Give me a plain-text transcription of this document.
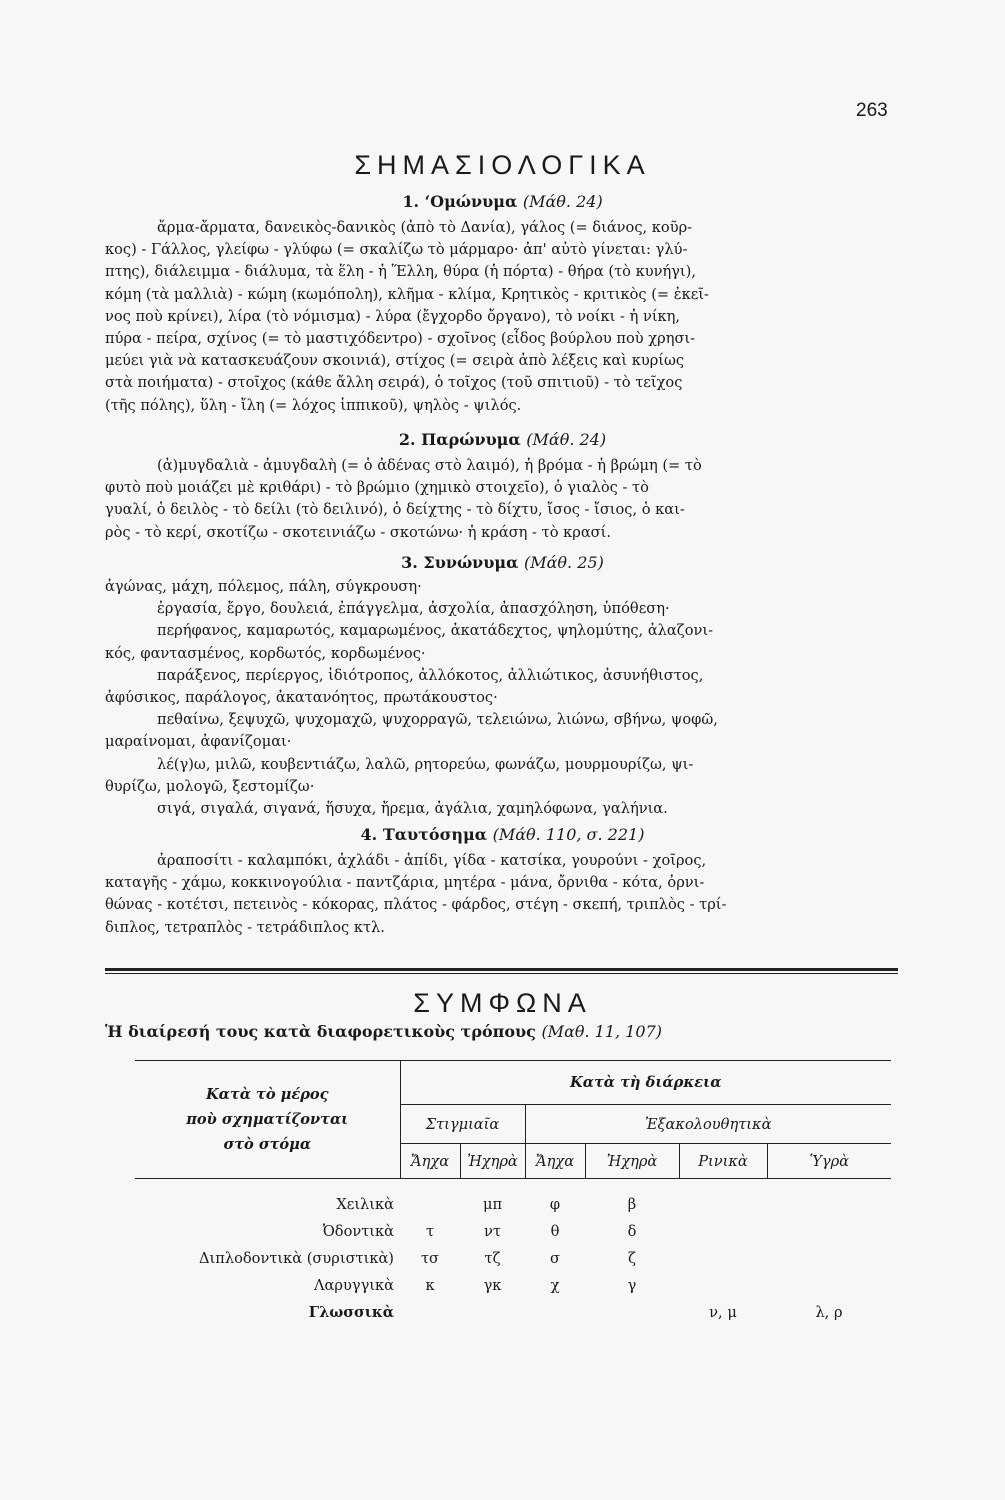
263
ΣΗΜΑΣΙΟΛΟΓΙΚΑ
1. ‘Ομώνυμα (Μάθ. 24)
ἄρμα-ἄρματα, δανεικὸς-δανικὸς (ἀπὸ τὸ Δανία), γάλος (= διάνος, κοῦρ-
κος) - Γάλλος, γλείφω - γλύφω (= σκαλίζω τὸ μάρμαρο· ἀπ' αὐτὸ γίνεται: γλύ-
πτης), διάλειμμα - διάλυμα, τὰ ἕλη - ἡ Ἕλλη, θύρα (ἡ πόρτα) - θήρα (τὸ κυνήγι),
κόμη (τὰ μαλλιὰ) - κώμη (κωμόπολη), κλῆμα - κλίμα, Κρητικὸς - κριτικὸς (= ἐκεῖ-
νος ποὺ κρίνει), λίρα (τὸ νόμισμα) - λύρα (ἔγχορδο ὄργανο), τὸ νοίκι - ἡ νίκη,
πύρα - πείρα, σχίνος (= τὸ μαστιχόδεντρο) - σχοῖνος (εἶδος βούρλου ποὺ χρησι-
μεύει γιὰ νὰ κατασκευάζουν σκοινιά), στίχος (= σειρὰ ἀπὸ λέξεις καὶ κυρίως
στὰ ποιήματα) - στοῖχος (κάθε ἄλλη σειρά), ὁ τοῖχος (τοῦ σπιτιοῦ) - τὸ τεῖχος
(τῆς πόλης), ὕλη - ἴλη (= λόχος ἱππικοῦ), ψηλὸς - ψιλός.
2. Παρώνυμα (Μάθ. 24)
(ἀ)μυγδαλιὰ - ἀμυγδαλὴ (= ὁ ἀδένας στὸ λαιμό), ἡ βρόμα - ἡ βρώμη (= τὸ
φυτὸ ποὺ μοιάζει μὲ κριθάρι) - τὸ βρώμιο (χημικὸ στοιχεῖο), ὁ γιαλὸς - τὸ
γυαλί, ὁ δειλὸς - τὸ δείλι (τὸ δειλινό), ὁ δείχτης - τὸ δίχτυ, ἴσος - ἴσιος, ὁ και-
ρὸς - τὸ κερί, σκοτίζω - σκοτεινιάζω - σκοτώνω· ἡ κράση - τὸ κρασί.
3. Συνώνυμα (Μάθ. 25)
ἀγώνας, μάχη, πόλεμος, πάλη, σύγκρουση·
ἐργασία, ἔργο, δουλειά, ἐπάγγελμα, ἀσχολία, ἀπασχόληση, ὑπόθεση·
περήφανος, καμαρωτός, καμαρωμένος, ἀκατάδεχτος, ψηλομύτης, ἀλαζονι-
κός, φαντασμένος, κορδωτός, κορδωμένος·
παράξενος, περίεργος, ἰδιότροπος, ἀλλόκοτος, ἀλλιώτικος, ἀσυνήθιστος,
ἀφύσικος, παράλογος, ἀκατανόητος, πρωτάκουστος·
πεθαίνω, ξεψυχῶ, ψυχομαχῶ, ψυχορραγῶ, τελειώνω, λιώνω, σβήνω, ψοφῶ,
μαραίνομαι, ἀφανίζομαι·
λέ(γ)ω, μιλῶ, κουβεντιάζω, λαλῶ, ρητορεύω, φωνάζω, μουρμουρίζω, ψι-
θυρίζω, μολογῶ, ξεστομίζω·
σιγά, σιγαλά, σιγανά, ἥσυχα, ἤρεμα, ἀγάλια, χαμηλόφωνα, γαλήνια.
4. Ταυτόσημα (Μάθ. 110, σ. 221)
ἀραποσίτι - καλαμπόκι, ἀχλάδι - ἀπίδι, γίδα - κατσίκα, γουρούνι - χοῖρος,
καταγῆς - χάμω, κοκκινογούλια - παντζάρια, μητέρα - μάνα, ὄρνιθα - κότα, ὀρνι-
θώνας - κοτέτσι, πετεινὸς - κόκορας, πλάτος - φάρδος, στέγη - σκεπή, τριπλὸς - τρί-
διπλος, τετραπλὸς - τετράδιπλος κτλ.
ΣΥΜΦΩΝΑ
Ἡ διαίρεσή τους κατὰ διαφορετικοὺς τρόπους (Μαθ. 11, 107)
Κατὰ τὸ μέρος
ποὺ σχηματίζονται
στὸ στόμα	Κατὰ τὴ διάρκεια					
	Στιγμιαῖα		Ἐξακολουθητικὰ			
	Ἄηχα	Ἠχηρὰ	Ἄηχα	Ἠχηρὰ	Ρινικὰ	Ὑγρὰ

Χειλικὰ		μπ	φ	β		
Ὀδοντικὰ	τ	ντ	θ	δ		
Διπλοδοντικὰ (συριστικὰ)	τσ	τζ	σ	ζ		
Λαρυγγικὰ	κ	γκ	χ	γ		
Γλωσσικὰ					ν, μ	λ, ρ
